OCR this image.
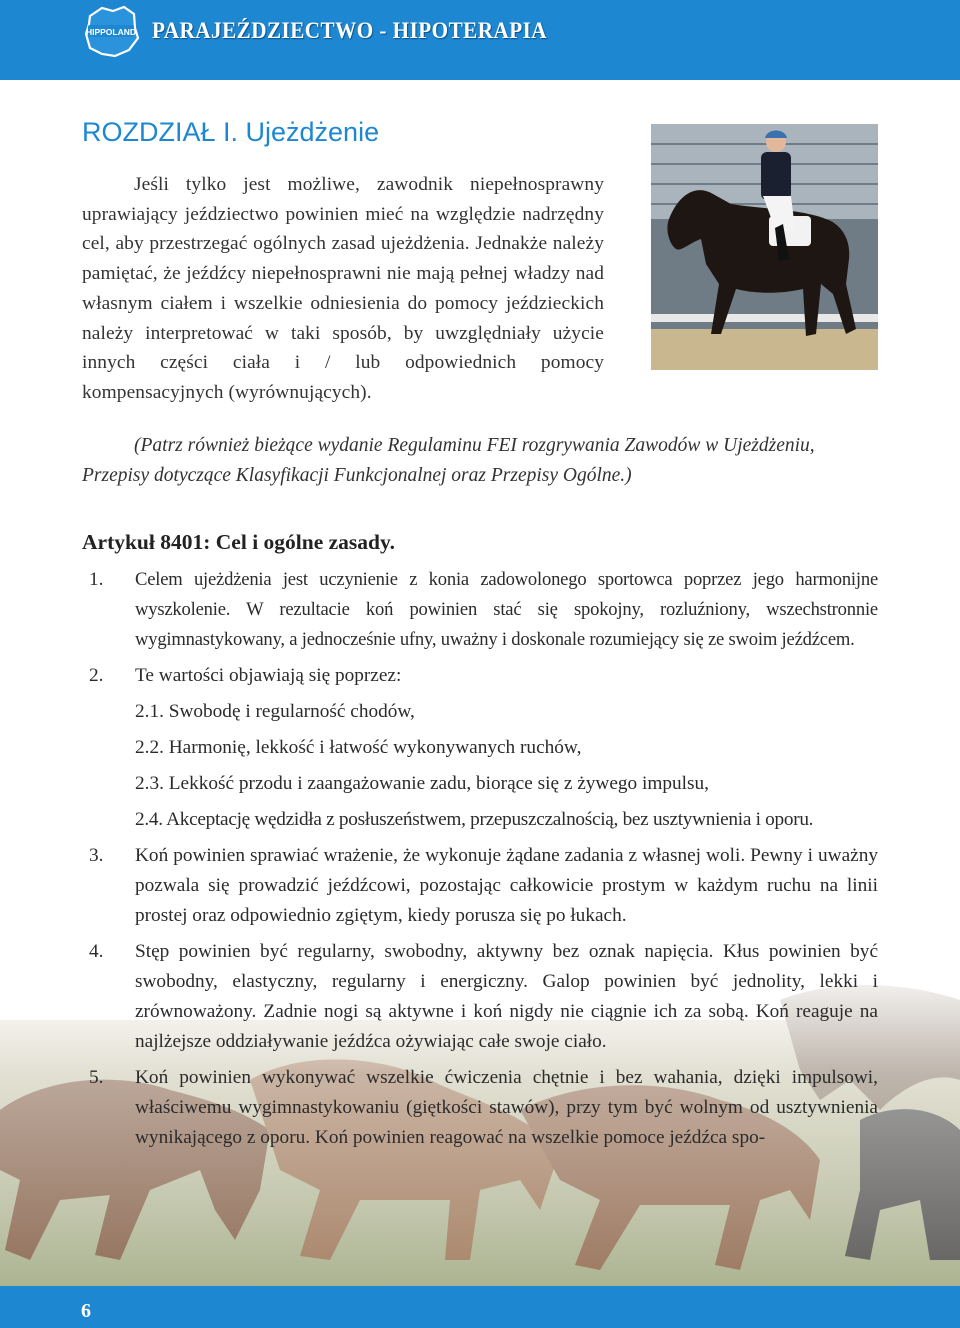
HIPPOLAND PARAJEŹDZIECTWO - HIPOTERAPIA
6
ROZDZIAŁ I. Ujeżdżenie

Jeśli tylko jest możliwe, zawodnik niepełnosprawny uprawiający jeździectwo powinien mieć na względzie nadrzędny cel, aby przestrzegać ogólnych zasad ujeżdżenia. Jednakże należy pamiętać, że jeźdźcy niepełnosprawni nie mają pełnej władzy nad własnym ciałem i wszelkie odniesienia do pomocy jeździeckich należy interpretować w taki sposób, by uwzględniały użycie innych części ciała i / lub odpowiednich pomocy kompensacyjnych (wyrównujących).

(Patrz również bieżące wydanie Regulaminu FEI rozgrywania Zawodów w Ujeżdżeniu, Przepisy dotyczące Klasyfikacji Funkcjonalnej oraz Przepisy Ogólne.)

Artykuł 8401: Cel i ogólne zasady.
1. Celem ujeżdżenia jest uczynienie z konia zadowolonego sportowca poprzez jego harmonijne wyszkolenie. W rezultacie koń powinien stać się spokojny, rozluźniony, wszechstronnie wygimnastykowany, a jednocześnie ufny, uważny i doskonale rozumiejący się ze swoim jeźdźcem.
2. Te wartości objawiają się poprzez:
2.1. Swobodę i regularność chodów,
2.2. Harmonię, lekkość i łatwość wykonywanych ruchów,
2.3. Lekkość przodu i zaangażowanie zadu, biorące się z żywego impulsu,
2.4. Akceptację wędzidła z posłuszeństwem, przepuszczalnością, bez usztywnienia i oporu.
3. Koń powinien sprawiać wrażenie, że wykonuje żądane zadania z własnej woli. Pewny i uważny pozwala się prowadzić jeźdźcowi, pozostając całkowicie prostym w każdym ruchu na linii prostej oraz odpowiednio zgiętym, kiedy porusza się po łukach.
4. Stęp powinien być regularny, swobodny, aktywny bez oznak napięcia. Kłus powinien być swobodny, elastyczny, regularny i energiczny. Galop powinien być jednolity, lekki i zrównoważony. Zadnie nogi są aktywne i koń nigdy nie ciągnie ich za sobą. Koń reaguje na najlżejsze oddziaływanie jeźdźca ożywiając całe swoje ciało.
5. Koń powinien wykonywać wszelkie ćwiczenia chętnie i bez wahania, dzięki impulsowi, właściwemu wygimnastykowaniu (giętkości stawów), przy tym być wolnym od usztywnienia wynikającego z oporu. Koń powinien reagować na wszelkie pomoce jeźdźca spo-
